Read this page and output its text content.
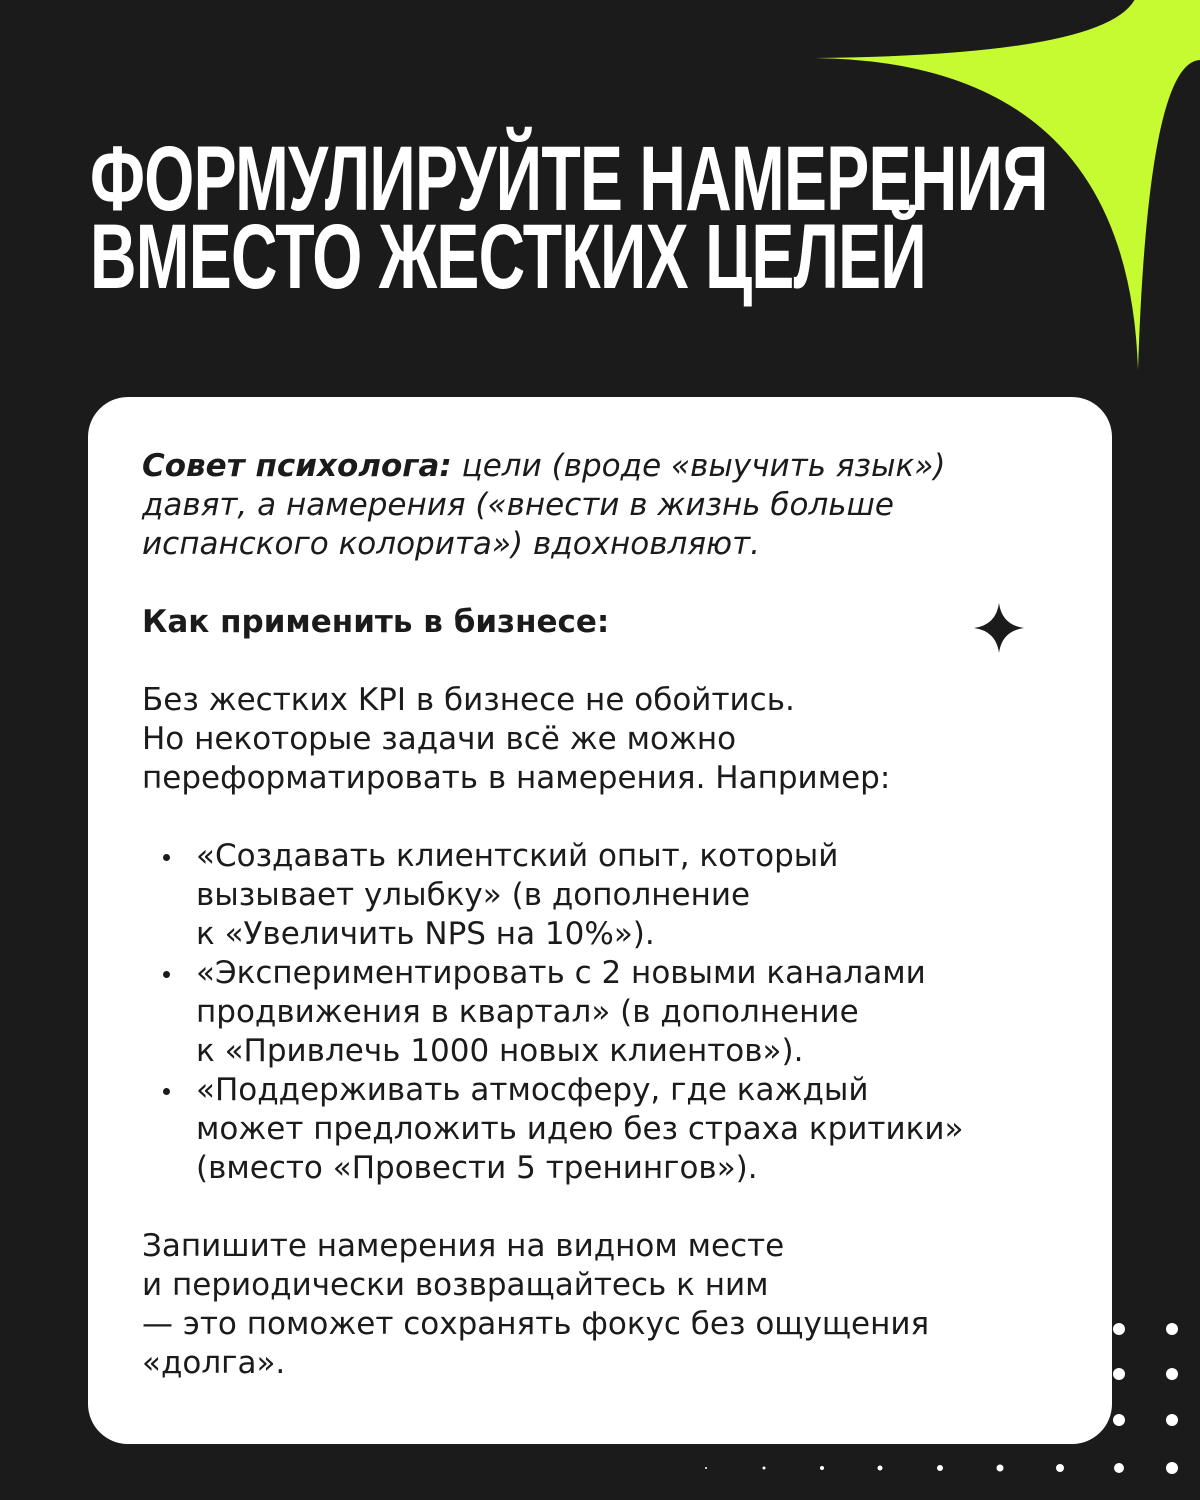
ФОРМУЛИРУЙТЕ НАМЕРЕНИЯ
ВМЕСТО ЖЕСТКИХ ЦЕЛЕЙ

Совет психолога: цели (вроде «выучить язык»)
давят, а намерения («внести в жизнь больше
испанского колорита») вдохновляют.

Как применить в бизнесе:

Без жестких KPI в бизнесе не обойтись.
Но некоторые задачи всё же можно
переформатировать в намерения. Например:

«Создавать клиентский опыт, который
вызывает улыбку» (в дополнение
к «Увеличить NPS на 10%»).
«Экспериментировать с 2 новыми каналами
продвижения в квартал» (в дополнение
к «Привлечь 1000 новых клиентов»).
«Поддерживать атмосферу, где каждый
может предложить идею без страха критики»
(вместо «Провести 5 тренингов»).

Запишите намерения на видном месте
и периодически возвращайтесь к ним
— это поможет сохранять фокус без ощущения
«долга».
